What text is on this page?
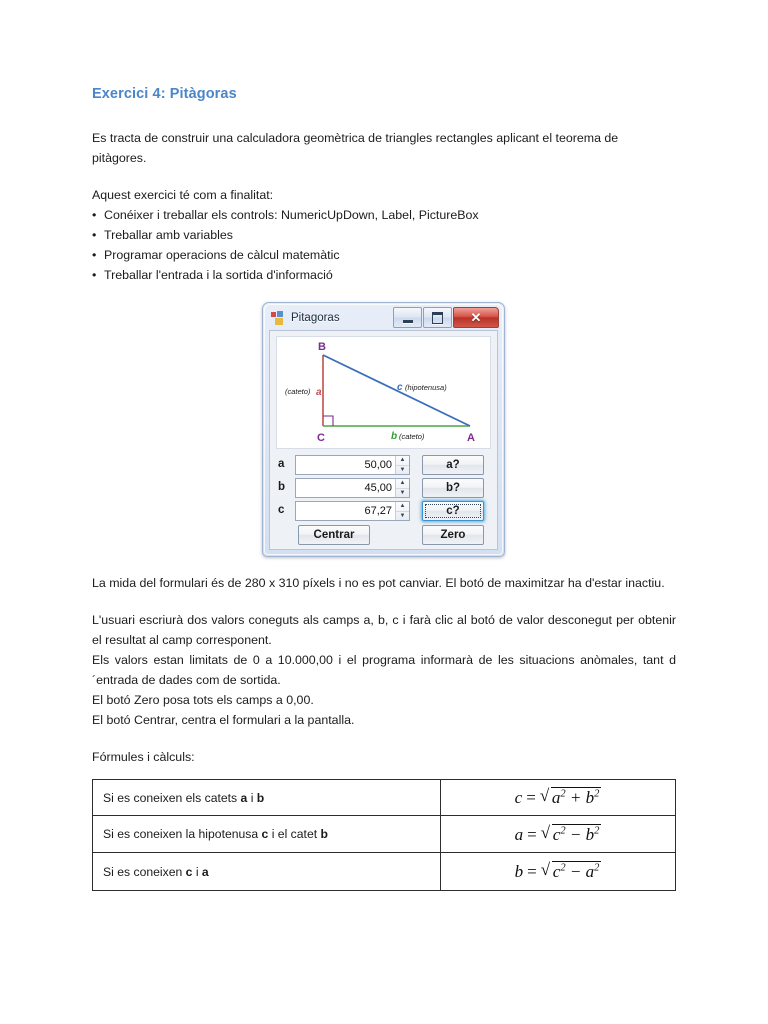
Exercici 4: Pitàgoras

Es tracta de construir una calculadora geomètrica de triangles rectangles aplicant el teorema de pitàgores.

Aquest exercici té com a finalitat:

• Conéixer i treballar els controls: NumericUpDown, Label, PictureBox
• Treballar amb variables
• Programar operacions de càlcul matemàtic
• Treballar l'entrada i la sortida d'informació

La mida del formulari és de 280 x 310 píxels i no es pot canviar. El botó de maximitzar ha d'estar inactiu.

L'usuari escriurà dos valors coneguts als camps a, b, c i farà clic al botó de valor desconegut per obtenir el resultat al camp corresponent.

Els valors estan limitats de 0 a 10.000,00 i el programa informarà de les situacions anòmales, tant d´entrada de dades com de sortida.

El botó Zero posa tots els camps a 0,00.

El botó Centrar, centra el formulari a la pantalla.

Fórmules i càlculs:

Si es coneixen els catets a i b	c = √ $a^2 + b^2$
Si es coneixen la hipotenusa c i el catet b	a = √ $c^2 - b^2$
Si es coneixen c i a	b = √ $c^2 - a^2$
Pitagoras	✕
B
C	A
(cateto) a
b (cateto)
c (hipotenusa)
a	50,00	▲
▼	a?
b	45,00	▲
▼	b?
c	67,27	▲
▼	c?
Centrar	Zero
